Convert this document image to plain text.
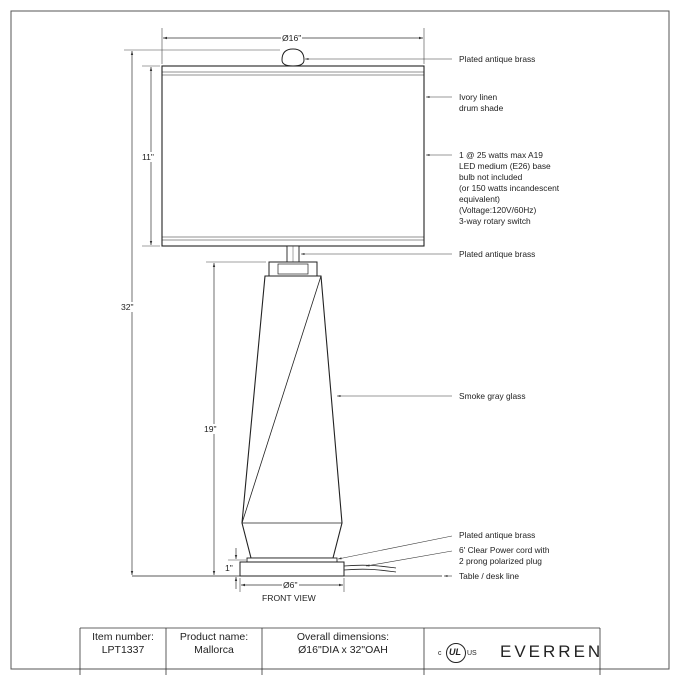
Ø16"
11"
32"
19"
1"
Ø6"
FRONT VIEW
Plated antique brass
Ivory linen
drum shade
1 @ 25 watts max A19
LED medium (E26) base
bulb not included
(or 150 watts incandescent
equivalent)
(Voltage:120V/60Hz)
3-way rotary switch
Plated antique brass
Smoke gray glass
Plated antique brass
6' Clear Power cord with
2 prong polarized plug
Table / desk line
Item number:
LPT1337
Product name:
Mallorca
Overall dimensions:
Ø16"DIA x 32"OAH	c UL US EVERREN
